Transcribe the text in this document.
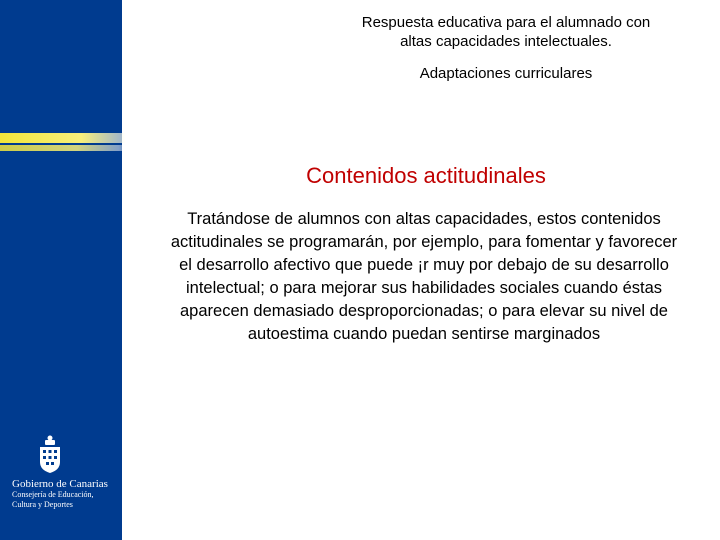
Respuesta educativa para el alumnado con
altas capacidades intelectuales.
Adaptaciones curriculares
Contenidos actitudinales
Tratándose de alumnos con altas capacidades, estos contenidos actitudinales se programarán, por ejemplo, para fomentar y favorecer el desarrollo afectivo que puede ¡r muy por debajo de su desarrollo intelectual; o para mejorar sus habilidades sociales cuando éstas aparecen demasiado desproporcionadas; o para elevar su nivel de autoestima cuando puedan sentirse marginados
Gobierno de Canarias
Consejería de Educación,
Cultura y Deportes
